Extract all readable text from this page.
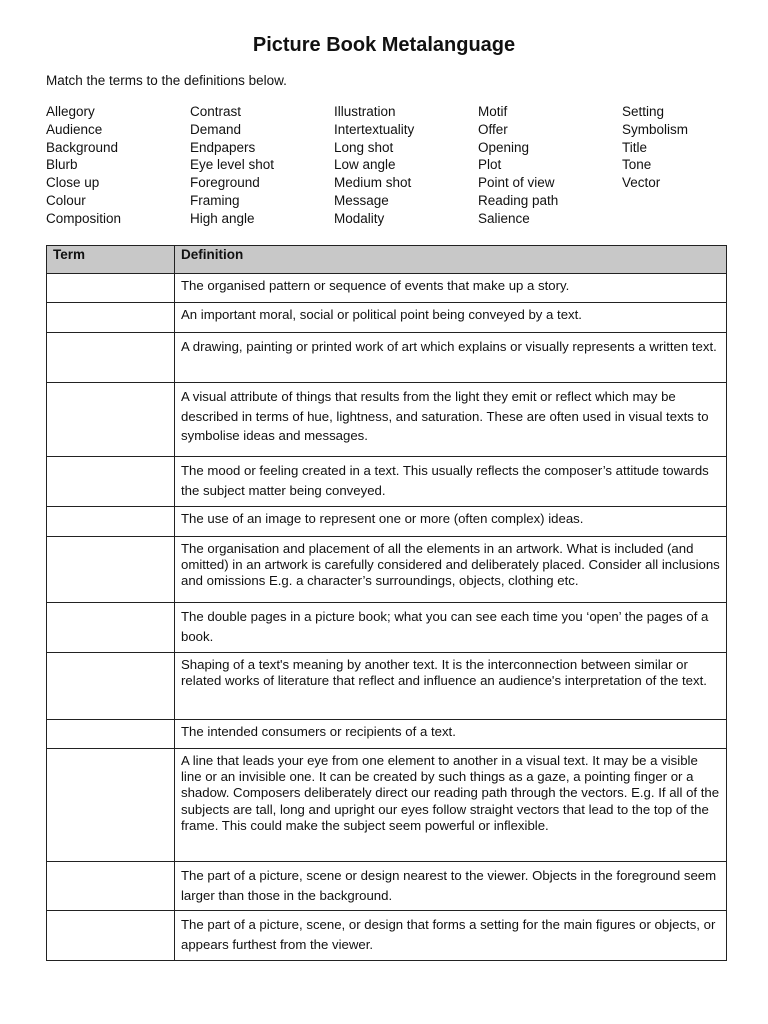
Picture Book Metalanguage
Match the terms to the definitions below.
Allegory
Audience
Background
Blurb
Close up
Colour
Composition
Contrast
Demand
Endpapers
Eye level shot
Foreground
Framing
High angle
Illustration
Intertextuality
Long shot
Low angle
Medium shot
Message
Modality
Motif
Offer
Opening
Plot
Point of view
Reading path
Salience
Setting
Symbolism
Title
Tone
Vector
Term	Definition
	The organised pattern or sequence of events that make up a story.
	An important moral, social or political point being conveyed by a text.
	A drawing, painting or printed work of art which explains or visually represents a written text.
	A visual attribute of things that results from the light they emit or reflect which may be described in terms of hue, lightness, and saturation. These are often used in visual texts to symbolise ideas and messages.
	The mood or feeling created in a text. This usually reflects the composer’s attitude towards the subject matter being conveyed.
	The use of an image to represent one or more (often complex) ideas.
	The organisation and placement of all the elements in an artwork. What is included (and omitted) in an artwork is carefully considered and deliberately placed. Consider all inclusions and omissions E.g. a character’s surroundings, objects, clothing etc.
	The double pages in a picture book; what you can see each time you ‘open’ the pages of a book.
	Shaping of a text's meaning by another text. It is the interconnection between similar or related works of literature that reflect and influence an audience's interpretation of the text.
	The intended consumers or recipients of a text.
	A line that leads your eye from one element to another in a visual text. It may be a visible line or an invisible one. It can be created by such things as a gaze, a pointing finger or a shadow. Composers deliberately direct our reading path through the vectors. E.g. If all of the subjects are tall, long and upright our eyes follow straight vectors that lead to the top of the frame. This could make the subject seem powerful or inflexible.
	The part of a picture, scene or design nearest to the viewer. Objects in the foreground seem larger than those in the background.
	The part of a picture, scene, or design that forms a setting for the main figures or objects, or appears furthest from the viewer.
